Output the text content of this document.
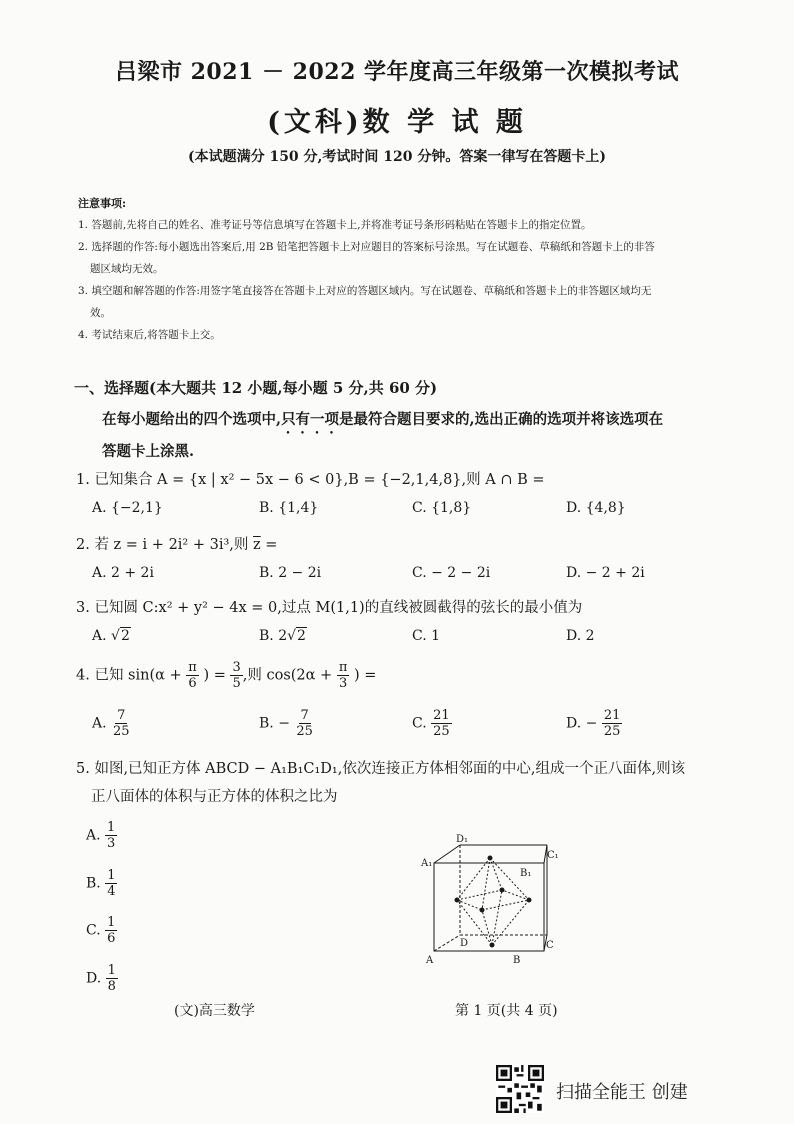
吕梁市 2021 － 2022 学年度高三年级第一次模拟考试
(文科)数 学 试 题
(本试题满分 150 分,考试时间 120 分钟。答案一律写在答题卡上)
注意事项:

1. 答题前,先将自己的姓名、准考证号等信息填写在答题卡上,并将准考证号条形码粘贴在答题卡上的指定位置。

2. 选择题的作答:每小题选出答案后,用 2B 铅笔把答题卡上对应题目的答案标号涂黑。写在试题卷、草稿纸和答题卡上的非答

题区域均无效。

3. 填空题和解答题的作答:用签字笔直接答在答题卡上对应的答题区域内。写在试题卷、草稿纸和答题卡上的非答题区域均无

效。

4. 考试结束后,将答题卡上交。

一、选择题(本大题共 12 小题,每小题 5 分,共 60 分)
在每小题给出的四个选项中,只有一项是最符合题目要求的,选出正确的选项并将该选项在
答题卡上涂黑.
1. 已知集合 A = {x | x² − 5x − 6 < 0},B = {−2,1,4,8},则 A ∩ B =
A. {−2,1}	B. {1,4}	C. {1,8}	D. {4,8}
2. 若 z = i + 2i² + 3i³,则 $\overline{z}$ =
A. 2 + 2i	B. 2 − 2i	C. − 2 − 2i	D. − 2 + 2i
3. 已知圆 C:x² + y² − 4x = 0,过点 M(1,1)的直线被圆截得的弦长的最小值为
A. √2	B. 2√2	C. 1	D. 2
4. 已知 $\sin(\alpha + \frac{\pi}{6}$ ) = $\frac{3}{5}$ ,则 $\cos(2\alpha + \frac{\pi}{3}$ ) =
A. $\frac{7}{25}$	B. − $\frac{7}{25}$	C. $\frac{21}{25}$	D. − $\frac{21}{25}$
5. 如图,已知正方体 ABCD − A₁B₁C₁D₁,依次连接正方体相邻面的中心,组成一个正八面体,则该
正八面体的体积与正方体的体积之比为
A. $\frac{1}{3}$
B. $\frac{1}{4}$
C. $\frac{1}{6}$
D. $\frac{1}{8}$
A	B
C
D
A₁
B₁
C₁
D₁
(文)高三数学	第 1 页(共 4 页)
扫描全能王 创建
